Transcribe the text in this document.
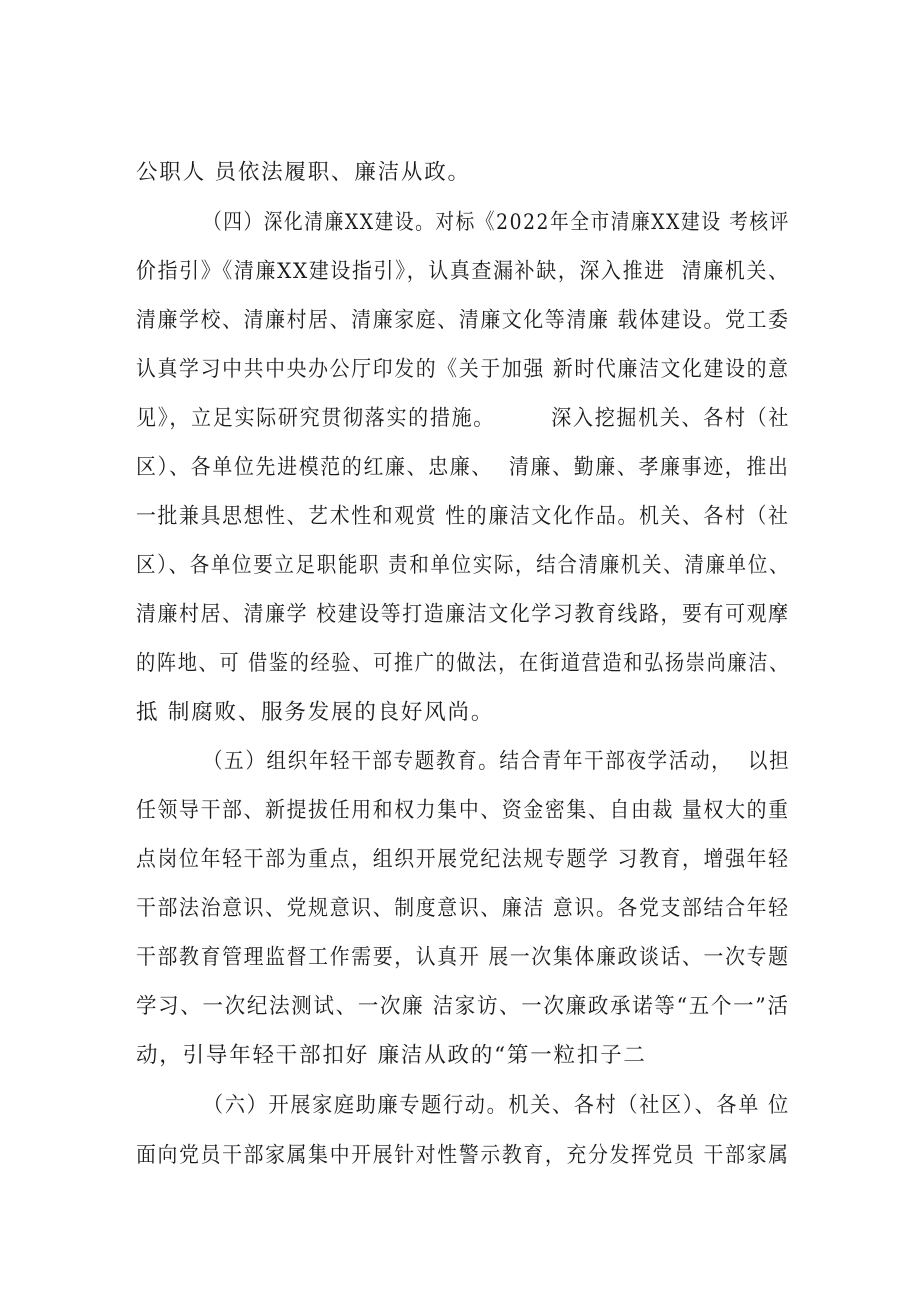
公职人 员依法履职、廉洁从政。
（四）深化清廉XX建设。对标《2022年全市清廉XX建设 考核评
价指引》《清廉XX建设指引》，认真查漏补缺，深入推进  清廉机关、
清廉学校、清廉村居、清廉家庭、清廉文化等清廉 载体建设。党工委
认真学习中共中央办公厅印发的《关于加强 新时代廉洁文化建设的意
见》，立足实际研究贯彻落实的措施。       深入挖掘机关、各村（社
区）、各单位先进模范的红廉、忠廉、  清廉、勤廉、孝廉事迹，推出
一批兼具思想性、艺术性和观赏 性的廉洁文化作品。机关、各村（社
区）、各单位要立足职能职 责和单位实际，结合清廉机关、清廉单位、
清廉村居、清廉学 校建设等打造廉洁文化学习教育线路，要有可观摩
的阵地、可 借鉴的经验、可推广的做法，在街道营造和弘扬崇尚廉洁、
抵 制腐败、服务发展的良好风尚。
（五）组织年轻干部专题教育。结合青年干部夜学活动，  以担
任领导干部、新提拔任用和权力集中、资金密集、自由裁 量权大的重
点岗位年轻干部为重点，组织开展党纪法规专题学 习教育，增强年轻
干部法治意识、党规意识、制度意识、廉洁 意识。各党支部结合年轻
干部教育管理监督工作需要，认真开 展一次集体廉政谈话、一次专题
学习、一次纪法测试、一次廉 洁家访、一次廉政承诺等“五个一”活
动，引导年轻干部扣好 廉洁从政的“第一粒扣子二
（六）开展家庭助廉专题行动。机关、各村（社区）、各单 位
面向党员干部家属集中开展针对性警示教育，充分发挥党员 干部家属
